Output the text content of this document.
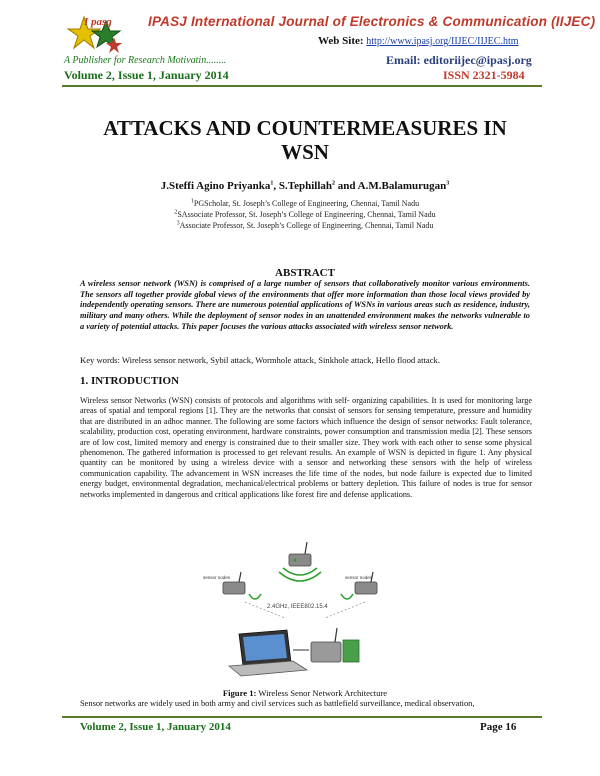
I pasg	IPASJ International Journal of Electronics & Communication (IIJEC)
Web Site: http://www.ipasj.org/IIJEC/IIJEC.htm
A Publisher for Research Motivatin........	Email: editoriijec@ipasj.org
Volume 2, Issue 1, January 2014	ISSN 2321-5984
ATTACKS AND COUNTERMEASURES IN
WSN
J.Steffi Agino Priyanka$^1$, S.Tephillah$^2$ and A.M.Balamurugan$^3$
$^1$PGScholar, St. Joseph’s College of Engineering, Chennai, Tamil Nadu
$^2$SAssociate Professor, St. Joseph’s College of Engineering, Chennai, Tamil Nadu
$^3$Associate Professor, St. Joseph’s College of Engineering, Chennai, Tamil Nadu
ABSTRACT
A wireless sensor network (WSN) is comprised of a large number of sensors that collaboratively monitor various environments. The sensors all together provide global views of the environments that offer more information than those local views provided by independently operating sensors. There are numerous potential applications of WSNs in various areas such as residence, industry, military and many others. While the deployment of sensor nodes in an unattended environment makes the networks vulnerable to a variety of potential attacks. This paper focuses the various attacks associated with wireless sensor network.
Key words: Wireless sensor network, Sybil attack, Wormhole attack, Sinkhole attack, Hello flood attack.
1. INTRODUCTION
Wireless sensor Networks (WSN) consists of protocols and algorithms with self- organizing capabilities. It is used for monitoring large areas of spatial and temporal regions [1]. They are the networks that consist of sensors for sensing temperature, pressure and humidity that are distributed in an adhoc manner. The following are some factors which influence the design of sensor networks: Fault tolerance, scalability, production cost, operating environment, hardware constraints, power consumption and transmission media [2]. These sensors are of low cost, limited memory and energy is constrained due to their smaller size. They work with each other to sense some physical phenomenon. The gathered information is processed to get relevant results. An example of WSN is depicted in figure 1. Any physical quantity can be monitored by using a wireless device with a sensor and networking these sensors with the help of wireless communication capability. The advancement in WSN increases the life time of the nodes, but node failure is expected due to limited energy budget, environmental degradation, mechanical/electrical problems or battery depletion. This failure of nodes is true for sensor networks implemented in dangerous and critical applications like forest fire and defense applications.
sensor nodes	sensor nodes
2.4GHz, IEEE802.15.4
Figure 1: Wireless Senor Network Architecture
Sensor networks are widely used in both army and civil services such as battlefield surveillance, medical observation,
Volume 2, Issue 1, January 2014	Page 16
